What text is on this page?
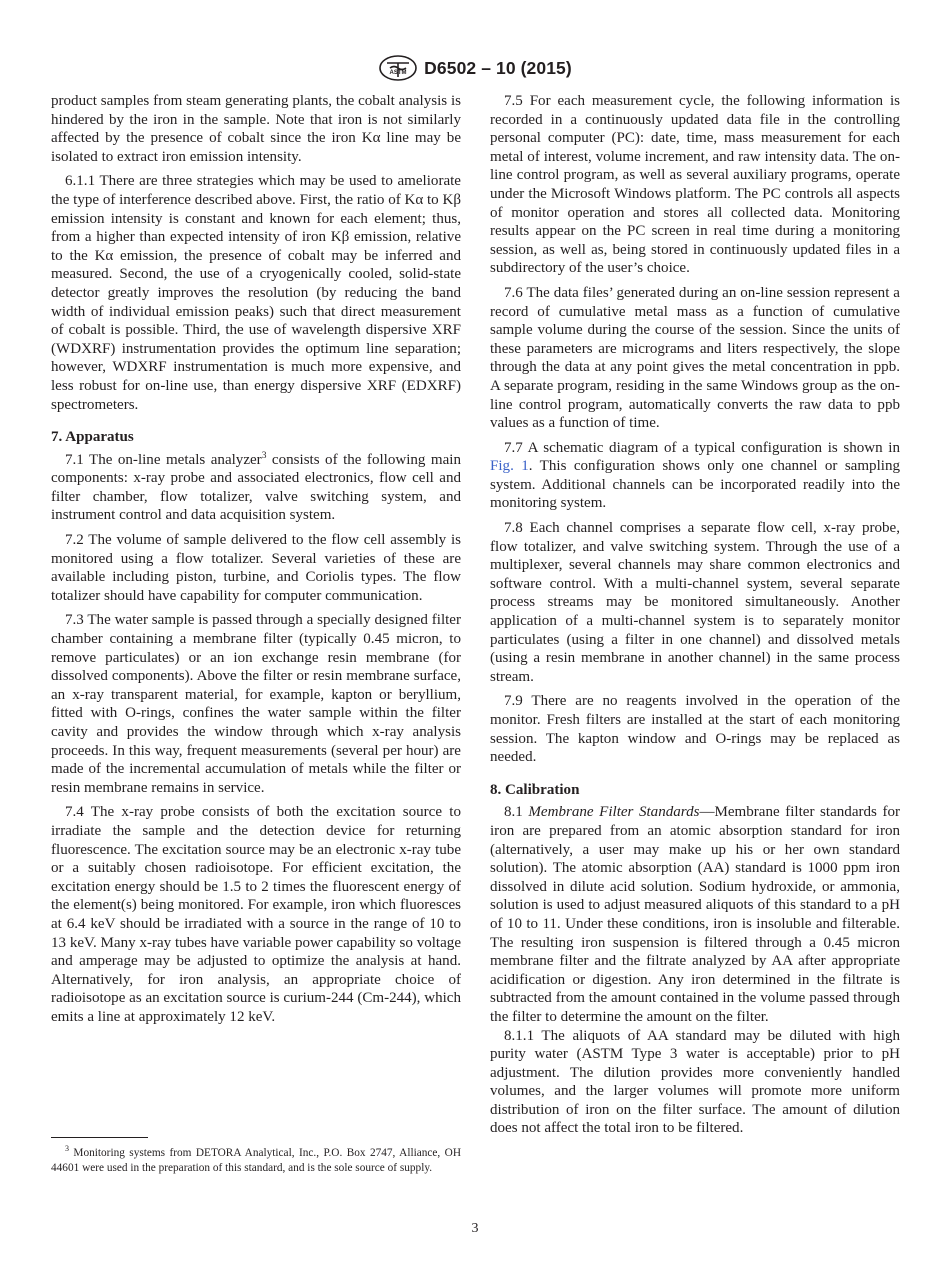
ASTM D6502 – 10 (2015)

product samples from steam generating plants, the cobalt analysis is hindered by the iron in the sample. Note that iron is not similarly affected by the presence of cobalt since the iron Kα line may be isolated to extract iron emission intensity.

6.1.1 There are three strategies which may be used to ameliorate the type of interference described above. First, the ratio of Kα to Kβ emission intensity is constant and known for each element; thus, from a higher than expected intensity of iron Kβ emission, relative to the Kα emission, the presence of cobalt may be inferred and measured. Second, the use of a cryogenically cooled, solid-state detector greatly improves the resolution (by reducing the band width of individual emission peaks) such that direct measurement of cobalt is possible. Third, the use of wavelength dispersive XRF (WDXRF) instrumentation provides the optimum line separation; however, WDXRF instrumentation is much more expensive, and less robust for on-line use, than energy dispersive XRF (EDXRF) spectrometers.

7. Apparatus

7.1 The on-line metals analyzer$^3$ consists of the following main components: x-ray probe and associated electronics, flow cell and filter chamber, flow totalizer, valve switching system, and instrument control and data acquisition system.

7.2 The volume of sample delivered to the flow cell assembly is monitored using a flow totalizer. Several varieties of these are available including piston, turbine, and Coriolis types. The flow totalizer should have capability for computer communication.

7.3 The water sample is passed through a specially designed filter chamber containing a membrane filter (typically 0.45 micron, to remove particulates) or an ion exchange resin membrane (for dissolved components). Above the filter or resin membrane surface, an x-ray transparent material, for example, kapton or beryllium, fitted with O-rings, confines the water sample within the filter cavity and provides the window through which x-ray analysis proceeds. In this way, frequent measurements (several per hour) are made of the incremental accumulation of metals while the filter or resin membrane remains in service.

7.4 The x-ray probe consists of both the excitation source to irradiate the sample and the detection device for returning fluorescence. The excitation source may be an electronic x-ray tube or a suitably chosen radioisotope. For efficient excitation, the excitation energy should be 1.5 to 2 times the fluorescent energy of the element(s) being monitored. For example, iron which fluoresces at 6.4 keV should be irradiated with a source in the range of 10 to 13 keV. Many x-ray tubes have variable power capability so voltage and amperage may be adjusted to optimize the analysis at hand. Alternatively, for iron analysis, an appropriate choice of radioisotope as an excitation source is curium-244 (Cm-244), which emits a line at approximately 12 keV.

$^3$ Monitoring systems from DETORA Analytical, Inc., P.O. Box 2747, Alliance, OH 44601 were used in the preparation of this standard, and is the sole source of supply.

7.5 For each measurement cycle, the following information is recorded in a continuously updated data file in the controlling personal computer (PC): date, time, mass measurement for each metal of interest, volume increment, and raw intensity data. The on-line control program, as well as several auxiliary programs, operate under the Microsoft Windows platform. The PC controls all aspects of monitor operation and stores all collected data. Monitoring results appear on the PC screen in real time during a monitoring session, as well as, being stored in continuously updated files in a subdirectory of the user’s choice.

7.6 The data files’ generated during an on-line session represent a record of cumulative metal mass as a function of cumulative sample volume during the course of the session. Since the units of these parameters are micrograms and liters respectively, the slope through the data at any point gives the metal concentration in ppb. A separate program, residing in the same Windows group as the on-line control program, automatically converts the raw data to ppb values as a function of time.

7.7 A schematic diagram of a typical configuration is shown in Fig. 1. This configuration shows only one channel or sampling system. Additional channels can be incorporated readily into the monitoring system.

7.8 Each channel comprises a separate flow cell, x-ray probe, flow totalizer, and valve switching system. Through the use of a multiplexer, several channels may share common electronics and software control. With a multi-channel system, several separate process streams may be monitored simultaneously. Another application of a multi-channel system is to separately monitor particulates (using a filter in one channel) and dissolved metals (using a resin membrane in another channel) in the same process stream.

7.9 There are no reagents involved in the operation of the monitor. Fresh filters are installed at the start of each monitoring session. The kapton window and O-rings may be replaced as needed.

8. Calibration

8.1 Membrane Filter Standards—Membrane filter standards for iron are prepared from an atomic absorption standard for iron (alternatively, a user may make up his or her own standard solution). The atomic absorption (AA) standard is 1000 ppm iron dissolved in dilute acid solution. Sodium hydroxide, or ammonia, solution is used to adjust measured aliquots of this standard to a pH of 10 to 11. Under these conditions, iron is insoluble and filterable. The resulting iron suspension is filtered through a 0.45 micron membrane filter and the filtrate analyzed by AA after appropriate acidification or digestion. Any iron determined in the filtrate is subtracted from the amount contained in the volume passed through the filter to determine the amount on the filter.

8.1.1 The aliquots of AA standard may be diluted with high purity water (ASTM Type 3 water is acceptable) prior to pH adjustment. The dilution provides more conveniently handled volumes, and the larger volumes will promote more uniform distribution of iron on the filter surface. The amount of dilution does not affect the total iron to be filtered.

3
